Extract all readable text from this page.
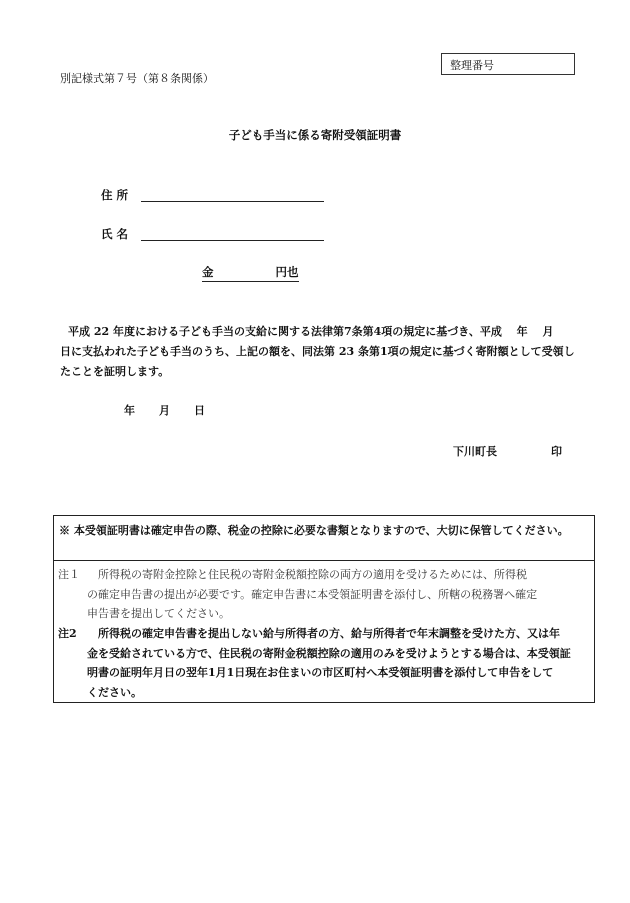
別記様式第７号（第８条関係）
整理番号
子ども手当に係る寄附受領証明書
住 所
氏 名
金	円也
平成 22 年度における子ども手当の支給に関する法律第7条第4項の規定に基づき、平成　 年　 月
日に支払われた子ども手当のうち、上記の額を、同法第 23 条第1項の規定に基づく寄附額として受領し
たことを証明します。
年 月 日
下川町長	印
※ 本受領証明書は確定申告の際、税金の控除に必要な書類となりますので、大切に保管してください。
注１	所得税の寄附金控除と住民税の寄附金税額控除の両方の適用を受けるためには、所得税
の確定申告書の提出が必要です。確定申告書に本受領証明書を添付し、所轄の税務署へ確定
申告書を提出してください。
注2	所得税の確定申告書を提出しない給与所得者の方、給与所得者で年末調整を受けた方、又は年
金を受給されている方で、住民税の寄附金税額控除の適用のみを受けようとする場合は、本受領証
明書の証明年月日の翌年1月1日現在お住まいの市区町村へ本受領証明書を添付して申告をして
ください。
